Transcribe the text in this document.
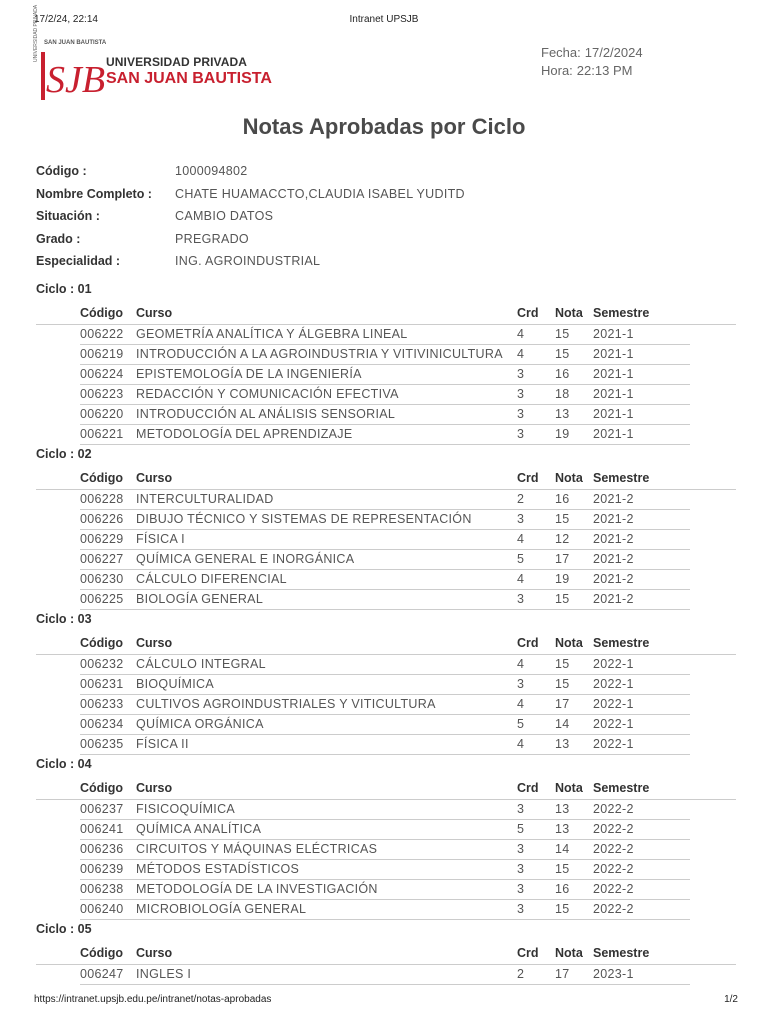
17/2/24, 22:14	Intranet UPSJB
SJB
SAN JUAN BAUTISTA
UNIVERSIDAD PRIVADA	UNIVERSIDAD PRIVADA
SAN JUAN BAUTISTA
Fecha: 17/2/2024
Hora: 22:13 PM
Notas Aprobadas por Ciclo
Código :	1000094802
Nombre Completo :	CHATE HUAMACCTO,CLAUDIA ISABEL YUDITD
Situación :	CAMBIO DATOS
Grado :	PREGRADO
Especialidad :	ING. AGROINDUSTRIAL
Ciclo : 01
Código Curso	Crd Nota Semestre
006222 GEOMETRÍA ANALÍTICA Y ÁLGEBRA LINEAL	4 15 2021-1
006219 INTRODUCCIÓN A LA AGROINDUSTRIA Y VITIVINICULTURA 4 15 2021-1
006224 EPISTEMOLOGÍA DE LA INGENIERÍA	3 16 2021-1
006223 REDACCIÓN Y COMUNICACIÓN EFECTIVA	3 18 2021-1
006220 INTRODUCCIÓN AL ANÁLISIS SENSORIAL	3 13 2021-1
006221 METODOLOGÍA DEL APRENDIZAJE	3 19 2021-1
Ciclo : 02
Código Curso	Crd Nota Semestre
006228 INTERCULTURALIDAD	2 16 2021-2
006226 DIBUJO TÉCNICO Y SISTEMAS DE REPRESENTACIÓN	3 15 2021-2
006229 FÍSICA I	4 12 2021-2
006227 QUÍMICA GENERAL E INORGÁNICA	5 17 2021-2
006230 CÁLCULO DIFERENCIAL	4 19 2021-2
006225 BIOLOGÍA GENERAL	3 15 2021-2
Ciclo : 03
Código Curso	Crd Nota Semestre
006232 CÁLCULO INTEGRAL	4 15 2022-1
006231 BIOQUÍMICA	3 15 2022-1
006233 CULTIVOS AGROINDUSTRIALES Y VITICULTURA	4 17 2022-1
006234 QUÍMICA ORGÁNICA	5 14 2022-1
006235 FÍSICA II	4 13 2022-1
Ciclo : 04
Código Curso	Crd Nota Semestre
006237 FISICOQUÍMICA	3 13 2022-2
006241 QUÍMICA ANALÍTICA	5 13 2022-2
006236 CIRCUITOS Y MÁQUINAS ELÉCTRICAS	3 14 2022-2
006239 MÉTODOS ESTADÍSTICOS	3 15 2022-2
006238 METODOLOGÍA DE LA INVESTIGACIÓN	3 16 2022-2
006240 MICROBIOLOGÍA GENERAL	3 15 2022-2
Ciclo : 05
Código Curso	Crd Nota Semestre
006247 INGLES I	2 17 2023-1
https://intranet.upsjb.edu.pe/intranet/notas-aprobadas	1/2
